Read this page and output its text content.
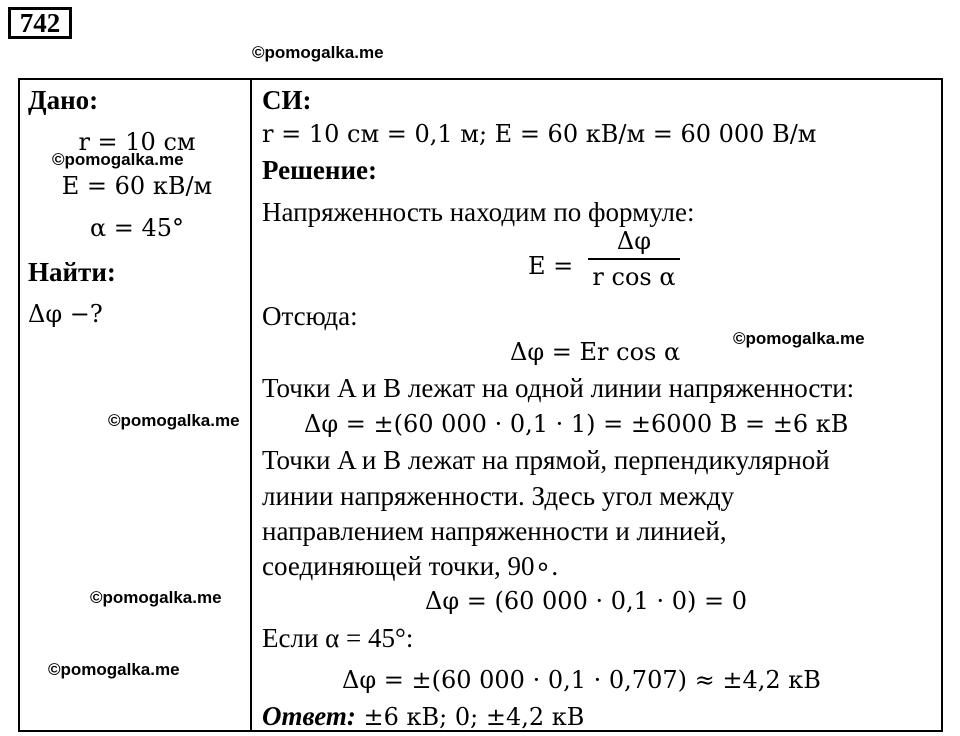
742
©pomogalka.me
©pomogalka.me
©pomogalka.me
©pomogalka.me
©pomogalka.me
©pomogalka.me
Дано:
r = 10 см
E = 60 кВ/м
α = 45°
Найти:
Δφ −?
СИ:
r = 10 см = 0,1 м; E = 60 кВ/м = 60 000 В/м
Решение:
Напряженность находим по формуле:
E =
Δφ
r cos α
Отсюда:
Δφ = Er cos α
Точки A и B лежат на одной линии напряженности:
Δφ = ±(60 000 · 0,1 · 1) = ±6000 В = ±6 кВ
Точки A и B лежат на прямой, перпендикулярной
линии напряженности. Здесь угол между
направлением напряженности и линией,
соединяющей точки, 90∘.
Δφ = (60 000 · 0,1 · 0) = 0
Если α = 45°:
Δφ = ±(60 000 · 0,1 · 0,707) ≈ ±4,2 кВ
Ответ: ±6 кВ; 0; ±4,2 кВ
